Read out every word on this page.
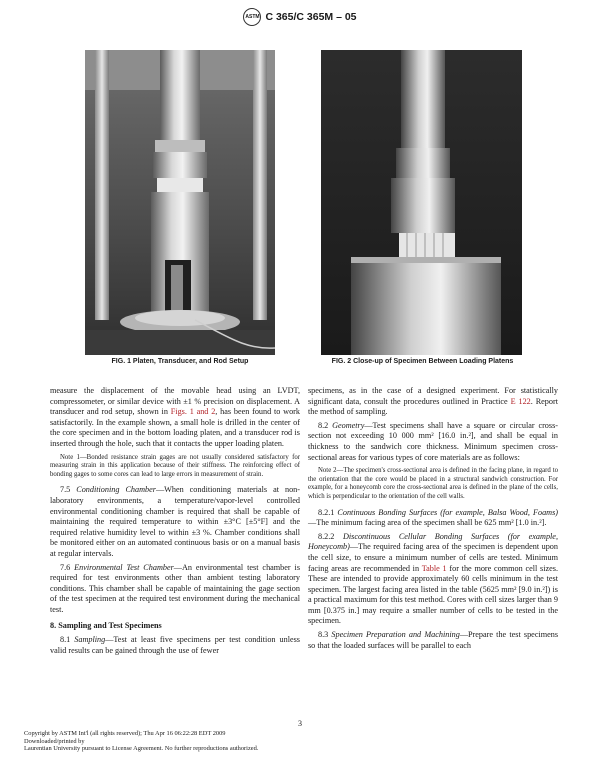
ASTM C 365/C 365M – 05
FIG. 1 Platen, Transducer, and Rod Setup	FIG. 2 Close-up of Specimen Between Loading Platens

measure the displacement of the movable head using an LVDT, compressometer, or similar device with ±1 % precision on displacement. A transducer and rod setup, shown in Figs. 1 and 2, has been found to work satisfactorily. In the example shown, a small hole is drilled in the center of the core specimen and in the bottom loading platen, and a transducer rod is inserted through the hole, such that it contacts the upper loading platen.

Note 1—Bonded resistance strain gages are not usually considered satisfactory for measuring strain in this application because of their stiffness. The reinforcing effect of bonding gages to some cores can lead to large errors in measurement of strain.

7.5 Conditioning Chamber—When conditioning materials at non-laboratory environments, a temperature/vapor-level controlled environmental conditioning chamber is required that shall be capable of maintaining the required temperature to within ±3°C [±5°F] and the required relative humidity level to within ±3 %. Chamber conditions shall be monitored either on an automated continuous basis or on a manual basis at regular intervals.

7.6 Environmental Test Chamber—An environmental test chamber is required for test environments other than ambient testing laboratory conditions. This chamber shall be capable of maintaining the gage section of the test specimen at the required test environment during the mechanical test.

8. Sampling and Test Specimens

8.1 Sampling—Test at least five specimens per test condition unless valid results can be gained through the use of fewer

specimens, as in the case of a designed experiment. For statistically significant data, consult the procedures outlined in Practice E 122. Report the method of sampling.

8.2 Geometry—Test specimens shall have a square or circular cross-section not exceeding 10 000 mm² [16.0 in.²], and shall be equal in thickness to the sandwich core thickness. Minimum specimen cross-sectional areas for various types of core materials are as follows:

Note 2—The specimen's cross-sectional area is defined in the facing plane, in regard to the orientation that the core would be placed in a structural sandwich construction. For example, for a honeycomb core the cross-sectional area is defined in the plane of the cells, which is perpendicular to the orientation of the cell walls.

8.2.1 Continuous Bonding Surfaces (for example, Balsa Wood, Foams)—The minimum facing area of the specimen shall be 625 mm² [1.0 in.²].

8.2.2 Discontinuous Cellular Bonding Surfaces (for example, Honeycomb)—The required facing area of the specimen is dependent upon the cell size, to ensure a minimum number of cells are tested. Minimum facing areas are recommended in Table 1 for the more common cell sizes. These are intended to provide approximately 60 cells minimum in the test specimen. The largest facing area listed in the table (5625 mm² [9.0 in.²]) is a practical maximum for this test method. Cores with cell sizes larger than 9 mm [0.375 in.] may require a smaller number of cells to be tested in the specimen.

8.3 Specimen Preparation and Machining—Prepare the test specimens so that the loaded surfaces will be parallel to each

3
Copyright by ASTM Int'l (all rights reserved); Thu Apr 16 06:22:28 EDT 2009
Downloaded/printed by
Laurentian University pursuant to License Agreement. No further reproductions authorized.
